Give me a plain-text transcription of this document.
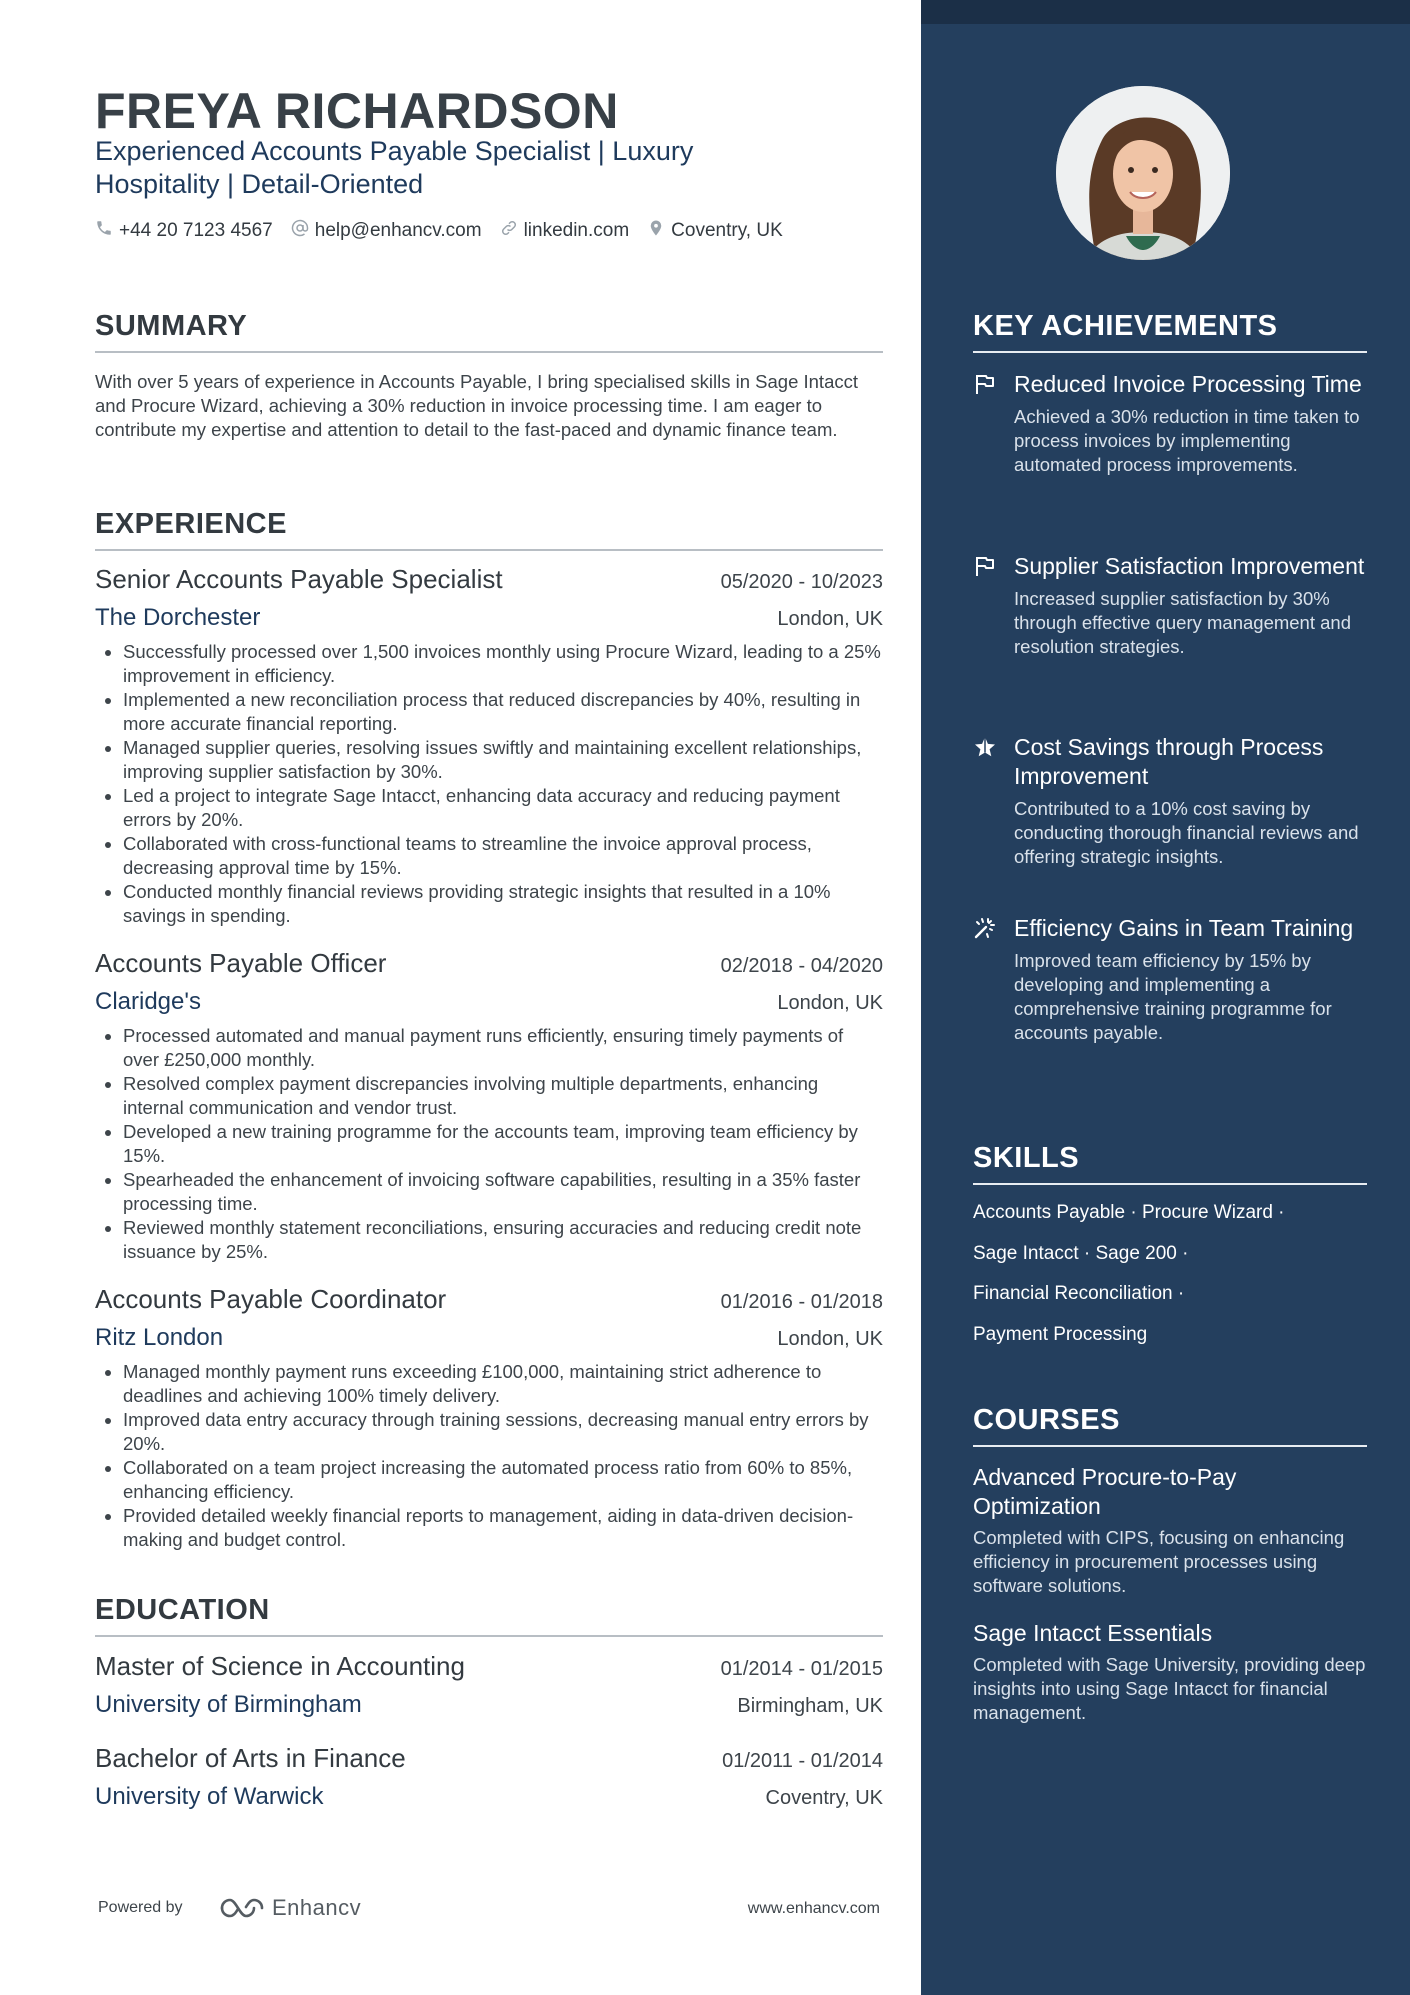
FREYA RICHARDSON

Experienced Accounts Payable Specialist | Luxury Hospitality | Detail-Oriented

+44 20 7123 4567 help@enhancv.com linkedin.com Coventry, UK
SUMMARY

With over 5 years of experience in Accounts Payable, I bring specialised skills in Sage Intacct and Procure Wizard, achieving a 30% reduction in invoice processing time. I am eager to contribute my expertise and attention to detail to the fast-paced and dynamic finance team.

EXPERIENCE
Senior Accounts Payable Specialist	05/2020 - 10/2023
The Dorchester	London, UK
• Successfully processed over 1,500 invoices monthly using Procure Wizard, leading to a 25% improvement in efficiency.
• Implemented a new reconciliation process that reduced discrepancies by 40%, resulting in more accurate financial reporting.
• Managed supplier queries, resolving issues swiftly and maintaining excellent relationships, improving supplier satisfaction by 30%.
• Led a project to integrate Sage Intacct, enhancing data accuracy and reducing payment errors by 20%.
• Collaborated with cross-functional teams to streamline the invoice approval process, decreasing approval time by 15%.
• Conducted monthly financial reviews providing strategic insights that resulted in a 10% savings in spending.
Accounts Payable Officer	02/2018 - 04/2020
Claridge's	London, UK
• Processed automated and manual payment runs efficiently, ensuring timely payments of over £250,000 monthly.
• Resolved complex payment discrepancies involving multiple departments, enhancing internal communication and vendor trust.
• Developed a new training programme for the accounts team, improving team efficiency by 15%.
• Spearheaded the enhancement of invoicing software capabilities, resulting in a 35% faster processing time.
• Reviewed monthly statement reconciliations, ensuring accuracies and reducing credit note issuance by 25%.
Accounts Payable Coordinator	01/2016 - 01/2018
Ritz London	London, UK
• Managed monthly payment runs exceeding £100,000, maintaining strict adherence to deadlines and achieving 100% timely delivery.
• Improved data entry accuracy through training sessions, decreasing manual entry errors by 20%.
• Collaborated on a team project increasing the automated process ratio from 60% to 85%, enhancing efficiency.
• Provided detailed weekly financial reports to management, aiding in data-driven decision-making and budget control.
EDUCATION
Master of Science in Accounting	01/2014 - 01/2015
University of Birmingham	Birmingham, UK
Bachelor of Arts in Finance	01/2011 - 01/2014
University of Warwick	Coventry, UK
Powered by	Enhancv	www.enhancv.com
KEY ACHIEVEMENTS

Reduced Invoice Processing Time

Achieved a 30% reduction in time taken to process invoices by implementing automated process improvements.

Supplier Satisfaction Improvement

Increased supplier satisfaction by 30% through effective query management and resolution strategies.

Cost Savings through Process Improvement

Contributed to a 10% cost saving by conducting thorough financial reviews and offering strategic insights.

Efficiency Gains in Team Training

Improved team efficiency by 15% by developing and implementing a comprehensive training programme for accounts payable.

SKILLS
Accounts Payable · Procure Wizard ·
Sage Intacct · Sage 200 ·
Financial Reconciliation ·
Payment Processing
COURSES

Advanced Procure-to-Pay Optimization

Completed with CIPS, focusing on enhancing efficiency in procurement processes using software solutions.

Sage Intacct Essentials

Completed with Sage University, providing deep insights into using Sage Intacct for financial management.
